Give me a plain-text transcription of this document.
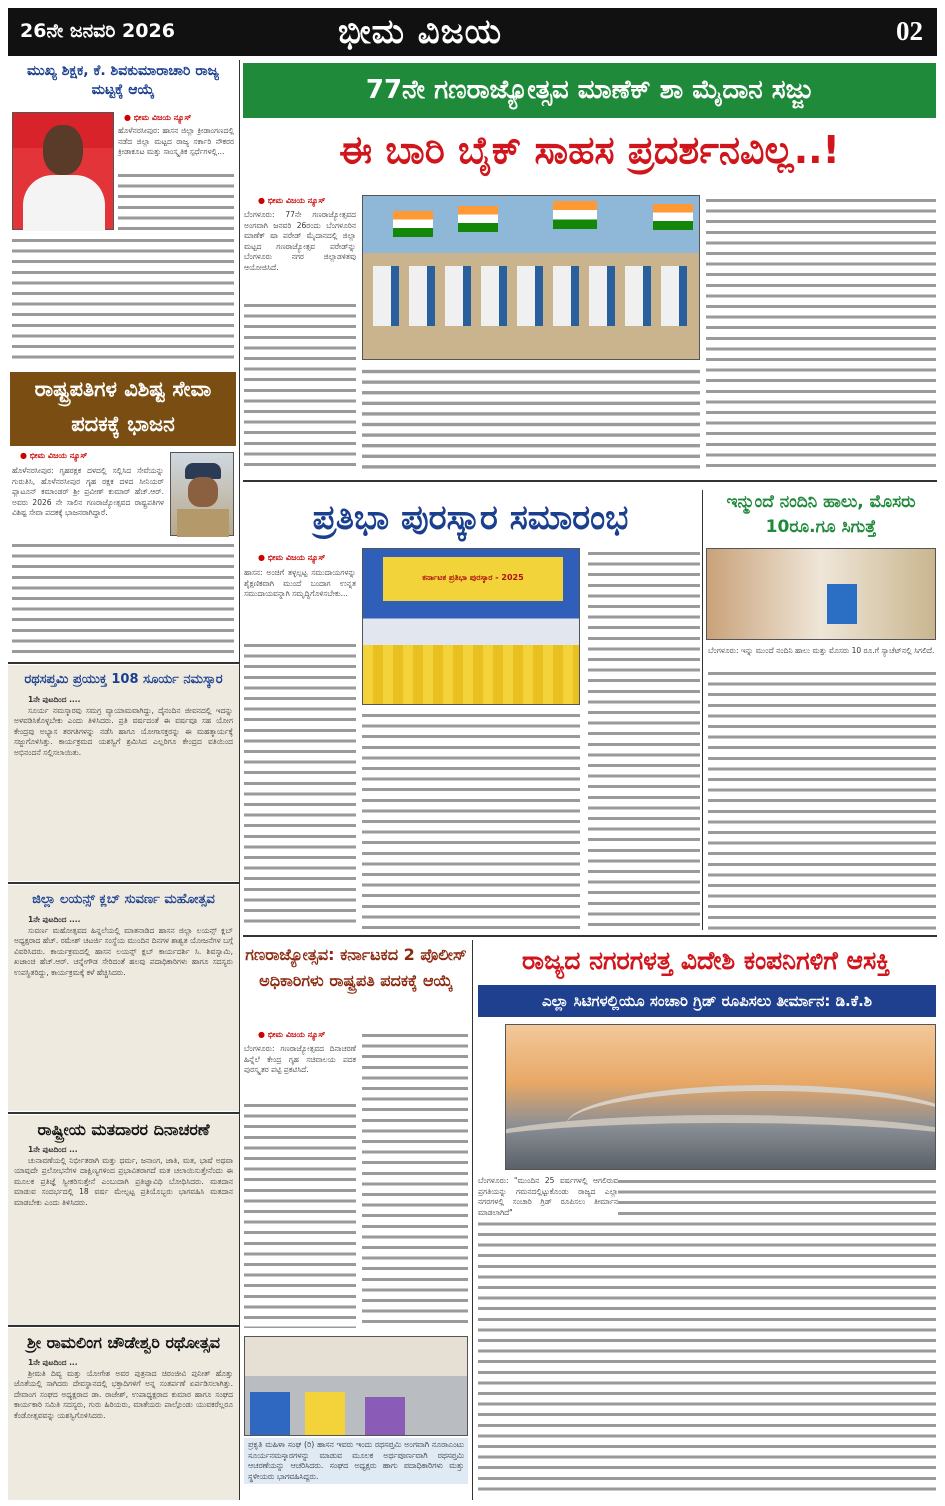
26ನೇ ಜನವರಿ 2026	ಭೀಮ ವಿಜಯ	02
ಮುಖ್ಯ ಶಿಕ್ಷಕ, ಕೆ. ಶಿವಕುಮಾರಾಚಾರಿ ರಾಜ್ಯ ಮಟ್ಟಕ್ಕೆ ಆಯ್ಕೆ
● ಭೀಮ ವಿಜಯ ನ್ಯೂಸ್
ಹೊಳೆನರಸೀಪುರ: ಹಾಸನ ಜಿಲ್ಲಾ ಕ್ರೀಡಾಂಗಣದಲ್ಲಿ ನಡೆದ ಜಿಲ್ಲಾ ಮಟ್ಟದ ರಾಜ್ಯ ಸರ್ಕಾರಿ ನೌಕರರ ಕ್ರೀಡಾಕೂಟ ಮತ್ತು ಸಾಂಸ್ಕೃತಿಕ ಸ್ಪರ್ಧೆಗಳಲ್ಲಿ...
ರಾಷ್ಟ್ರಪತಿಗಳ ವಿಶಿಷ್ಟ ಸೇವಾ ಪದಕಕ್ಕೆ ಭಾಜನ
● ಭೀಮ ವಿಜಯ ನ್ಯೂಸ್
ಹೊಳೆನರಸೀಪುರ: ಗೃಹರಕ್ಷಕ ದಳದಲ್ಲಿ ಸಲ್ಲಿಸಿದ ಸೇವೆಯನ್ನು ಗುರುತಿಸಿ, ಹೊಳೆನರಸೀಪುರ ಗೃಹ ರಕ್ಷಕ ದಳದ ಸೀನಿಯರ್ ಪ್ಲಾಟೂನ್ ಕಮಾಂಡರ್ ಶ್ರೀ ಪ್ರವೀಣ್ ಕುಮಾರ್ ಹೆಚ್.ಆರ್. ಅವರು 2026 ನೇ ಸಾಲಿನ ಗಣರಾಜ್ಯೋತ್ಸವದ ರಾಷ್ಟ್ರಪತಿಗಳ ವಿಶಿಷ್ಟ ಸೇವಾ ಪದಕಕ್ಕೆ ಭಾಜನರಾಗಿದ್ದಾರೆ.
ರಥಸಪ್ತಮಿ ಪ್ರಯುಕ್ತ 108 ಸೂರ್ಯ ನಮಸ್ಕಾರ
1ನೇ ಪುಟದಿಂದ ....
ಸೂರ್ಯ ನಮಸ್ಕಾರವು ಸಮಗ್ರ ವ್ಯಾಯಾಮವಾಗಿದ್ದು, ದೈನಂದಿನ ಜೀವನದಲ್ಲಿ ಇದನ್ನು ಅಳವಡಿಸಿಕೊಳ್ಳಬೇಕು ಎಂದು ತಿಳಿಸಿದರು. ಪ್ರತಿ ವರ್ಷದಂತೆ ಈ ವರ್ಷವೂ ಸಹ ಯೋಗ ಕೇಂದ್ರವು ಅಭ್ಯಾಸ ತರಗತಿಗಳನ್ನು ನಡೆಸಿ ಹಾಗೂ ಯೋಗಾಸಕ್ತರನ್ನು ಈ ಮಹತ್ಕಾರ್ಯಕ್ಕೆ ಸಜ್ಜುಗೊಳಿಸಿತ್ತು. ಕಾರ್ಯಕ್ರಮದ ಯಶಸ್ವಿಗೆ ಶ್ರಮಿಸಿದ ಎಲ್ಲರಿಗೂ ಕೇಂದ್ರದ ವತಿಯಿಂದ ಅಭಿನಂದನೆ ಸಲ್ಲಿಸಲಾಯಿತು.
ಜಿಲ್ಲಾ ಲಯನ್ಸ್ ಕ್ಲಬ್ ಸುವರ್ಣ ಮಹೋತ್ಸವ
1ನೇ ಪುಟದಿಂದ ....
ಸುವರ್ಣ ಮಹೋತ್ಸವದ ಹಿನ್ನಲೆಯಲ್ಲಿ ಮಾತನಾಡಿದ ಹಾಸನ ಜಿಲ್ಲಾ ಲಯನ್ಸ್ ಕ್ಲಬ್ ಅಧ್ಯಕ್ಷರಾದ ಹೆಚ್. ರಮೇಶ್ ಚಟರ್ಜಿ ಸಂಸ್ಥೆಯ ಮುಂದಿನ ದಿನಗಳ ಶಾಶ್ವತ ಯೋಜನೆಗಳ ಬಗ್ಗೆ ವಿವರಿಸಿದರು. ಕಾರ್ಯಕ್ರಮದಲ್ಲಿ ಹಾಸನ ಲಯನ್ಸ್ ಕ್ಲಬ್ ಕಾರ್ಯದರ್ಶಿ ಸಿ. ಶಿವಸ್ವಾಮಿ, ಖಜಾಂಚಿ ಹೆಚ್.ಆರ್. ಚನ್ನೇಗೌಡ ಸೇರಿದಂತೆ ಹಲವು ಪದಾಧಿಕಾರಿಗಳು ಹಾಗೂ ಸದಸ್ಯರು ಉಪಸ್ಥಿತರಿದ್ದು, ಕಾರ್ಯಕ್ರಮಕ್ಕೆ ಕಳೆ ಹೆಚ್ಚಿಸಿದರು.
ರಾಷ್ಟ್ರೀಯ ಮತದಾರರ ದಿನಾಚರಣೆ
1ನೇ ಪುಟದಿಂದ ...
ಚುನಾವಣೆಯಲ್ಲಿ ನಿರ್ಭೀತರಾಗಿ ಮತ್ತು ಧರ್ಮ, ಜನಾಂಗ, ಜಾತಿ, ಮತ, ಭಾಷೆ ಅಥವಾ ಯಾವುದೇ ಪ್ರಲೋಭನೆಗಳ ದಾಕ್ಷಿಣ್ಯಗಳಿಂದ ಪ್ರಭಾವಿತರಾಗದೆ ಮತ ಚಲಾಯಿಸುತ್ತೇನೆಂದು ಈ ಮೂಲಕ ಪ್ರತಿಜ್ಞೆ ಸ್ವೀಕರಿಸುತ್ತೇನೆ ಎಂಬುದಾಗಿ ಪ್ರತಿಜ್ಞಾವಿಧಿ ಬೋಧಿಸಿದರು. ಮತದಾನ ಮಾಡುವ ಸಂದರ್ಭದಲ್ಲಿ 18 ವರ್ಷ ಮೇಲ್ಪಟ್ಟ ಪ್ರತಿಯೊಬ್ಬರು ಭಾಗವಹಿಸಿ ಮತದಾನ ಮಾಡಬೇಕು ಎಂದು ತಿಳಿಸಿದರು.
ಶ್ರೀ ರಾಮಲಿಂಗ ಚೌಡೇಶ್ವರಿ ರಥೋತ್ಸವ
1ನೇ ಪುಟದಿಂದ ...
ಶ್ರೀಮತಿ ದಿವ್ಯ ಮತ್ತು ಯೋಗೇಶ ಅವರ ಪುತ್ರನಾದ ಚಿರಂಜೀವಿ ಪುನೀತ್ ಹೊತ್ತು ಜೊತೆಯಲ್ಲಿ ಸಾಗಿದರು ದೇವಸ್ಥಾನದಲ್ಲಿ ಭಕ್ತಾದಿಗಳಿಗೆ ಅನ್ನ ಸಂತರ್ಪಣೆ ಏರ್ಪಡಿಸಲಾಗಿತ್ತು. ದೇವಾಂಗ ಸಂಘದ ಅಧ್ಯಕ್ಷರಾದ ಡಾ. ರಾಜೇಶ್, ಉಪಾಧ್ಯಕ್ಷರಾದ ಕುಮಾರ ಹಾಗೂ ಸಂಘದ ಕಾರ್ಯಕಾರಿ ಸಮಿತಿ ಸದಸ್ಯರು, ಗುರು ಹಿರಿಯರು, ಮಾತೆಯರು ಪಾಲ್ಗೊಂಡು ಯುವಕರೆಲ್ಲರೂ ಕೆಂಡೋತ್ಸವವನ್ನು ಯಶಸ್ವಿಗೊಳಿಸಿದರು.
77ನೇ ಗಣರಾಜ್ಯೋತ್ಸವ ಮಾಣೆಕ್ ಶಾ ಮೈದಾನ ಸಜ್ಜು
ಈ ಬಾರಿ ಬೈಕ್ ಸಾಹಸ ಪ್ರದರ್ಶನವಿಲ್ಲ..!
● ಭೀಮ ವಿಜಯ ನ್ಯೂಸ್
ಬೆಂಗಳೂರು: 77ನೇ ಗಣರಾಜ್ಯೋತ್ಸವದ ಅಂಗವಾಗಿ ಜನವರಿ 26ರಂದು ಬೆಂಗಳೂರಿನ ಮಾಣೆಕ್ ಷಾ ಪರೇಡ್ ಮೈದಾನದಲ್ಲಿ ಜಿಲ್ಲಾ ಮಟ್ಟದ ಗಣರಾಜ್ಯೋತ್ಸವ ಪರೇಡ್‌ನ್ನು ಬೆಂಗಳೂರು ನಗರ ಜಿಲ್ಲಾಡಳಿತವು ಆಯೋಜಿಸಿದೆ.
ಪ್ರತಿಭಾ ಪುರಸ್ಕಾರ ಸಮಾರಂಭ
● ಭೀಮ ವಿಜಯ ನ್ಯೂಸ್
ಹಾಸನ: ಅಂಚಿಗೆ ತಳ್ಳಲ್ಪಟ್ಟ ಸಮುದಾಯಗಳನ್ನು ಶೈಕ್ಷಣಿಕವಾಗಿ ಮುಂದೆ ಬಂದಾಗ ಉನ್ನತ ಸಮುದಾಯವನ್ನಾಗಿ ಸಮೃದ್ಧಿಗೊಳಿಸಬೇಕು...
ಕರ್ನಾಟಕ ಪ್ರತಿಭಾ ಪುರಸ್ಕಾರ - 2025
ಇನ್ಮುಂದೆ ನಂದಿನಿ ಹಾಲು, ಮೊಸರು 10ರೂ.ಗೂ ಸಿಗುತ್ತೆ
ಬೆಂಗಳೂರು: ಇನ್ನು ಮುಂದೆ ನಂದಿನಿ ಹಾಲು ಮತ್ತು ಮೊಸರು 10 ರೂ.ಗೆ ಸ್ಯಾಚೆಟ್‌ನಲ್ಲಿ ಸಿಗಲಿದೆ.
ಗಣರಾಜ್ಯೋತ್ಸವ: ಕರ್ನಾಟಕದ 2 ಪೊಲೀಸ್ ಅಧಿಕಾರಿಗಳು ರಾಷ್ಟ್ರಪತಿ ಪದಕಕ್ಕೆ ಆಯ್ಕೆ
● ಭೀಮ ವಿಜಯ ನ್ಯೂಸ್
ಬೆಂಗಳೂರು: ಗಣರಾಜ್ಯೋತ್ಸವದ ದಿನಾಚರಣೆ ಹಿನ್ನೆಲೆ ಕೇಂದ್ರ ಗೃಹ ಸಚಿವಾಲಯ ಪದಕ ಪುರಸ್ಕೃತರ ಪಟ್ಟಿ ಪ್ರಕಟಿಸಿದೆ.
ಪ್ರಕೃತಿ ಮಹಿಳಾ ಸಂಘ (ರಿ) ಹಾಸನ ಇವರು ಇಂದು ರಥಸಪ್ತಮಿ ಅಂಗವಾಗಿ ನೂರಾಎಂಟು ಸೂರ್ಯನಮಸ್ಕಾರಗಳನ್ನು ಮಾಡುವ ಮೂಲಕ ಅರ್ಥಪೂರ್ಣವಾಗಿ ರಥಸಪ್ತಮಿ ಆಚರಣೆಯನ್ನು ಆಚರಿಸಿದರು. ಸಂಘದ ಅಧ್ಯಕ್ಷರು ಹಾಗು ಪದಾಧಿಕಾರಿಗಳು ಮತ್ತು ಸ್ಥಳೀಯರು ಭಾಗವಹಿಸಿದ್ದರು.
ರಾಜ್ಯದ ನಗರಗಳತ್ತ ವಿದೇಶಿ ಕಂಪನಿಗಳಿಗೆ ಆಸಕ್ತಿ
ಎಲ್ಲಾ ಸಿಟಿಗಳಲ್ಲಿಯೂ ಸಂಚಾರಿ ಗ್ರಿಡ್ ರೂಪಿಸಲು ತೀರ್ಮಾನ: ಡಿ.ಕೆ.ಶಿ
ಬೆಂಗಳೂರು: "ಮುಂದಿನ 25 ವರ್ಷಗಳಲ್ಲಿ ಆಗಲಿರುವ ಪ್ರಗತಿಯನ್ನು ಗಮನದಲ್ಲಿಟ್ಟುಕೊಂಡು ರಾಜ್ಯದ ಎಲ್ಲಾ ನಗರಗಳಲ್ಲಿ ಸಂಚಾರಿ ಗ್ರಿಡ್ ರೂಪಿಸಲು ತೀರ್ಮಾನ ಮಾಡಲಾಗಿದೆ"
